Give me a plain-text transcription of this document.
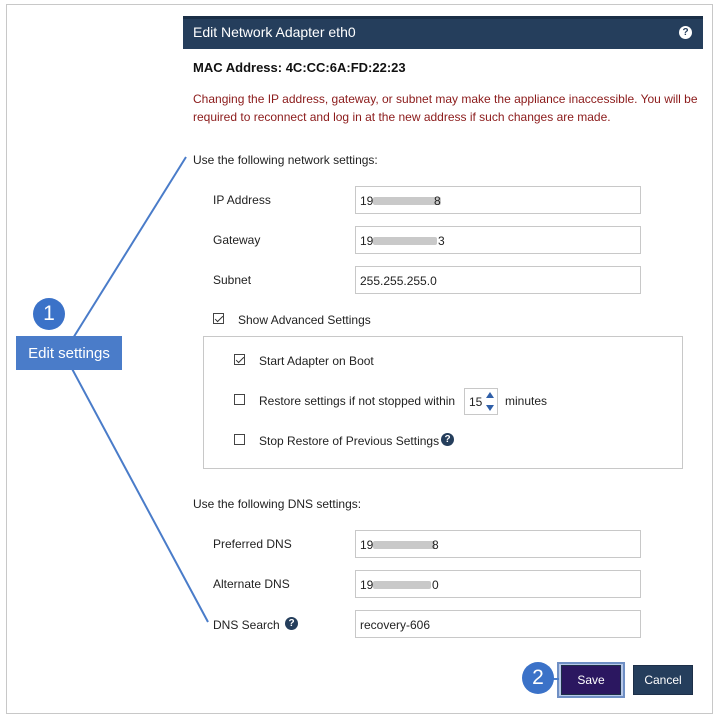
Edit Network Adapter eth0	?
MAC Address: 4C:CC:6A:FD:22:23
Changing the IP address, gateway, or subnet may make the appliance inaccessible. You will be required to reconnect and log in at the new address if such changes are made.
Use the following network settings:
IP Address	19	8
Gateway	19	3
Subnet	255.255.255.0
Show Advanced Settings
Start Adapter on Boot
Restore settings if not stopped within 15 minutes
Stop Restore of Previous Settings ?
Use the following DNS settings:
Preferred DNS	19	8
Alternate DNS	19	0
DNS Search ?	recovery-606
Save	Cancel
Edit settings
1
2
